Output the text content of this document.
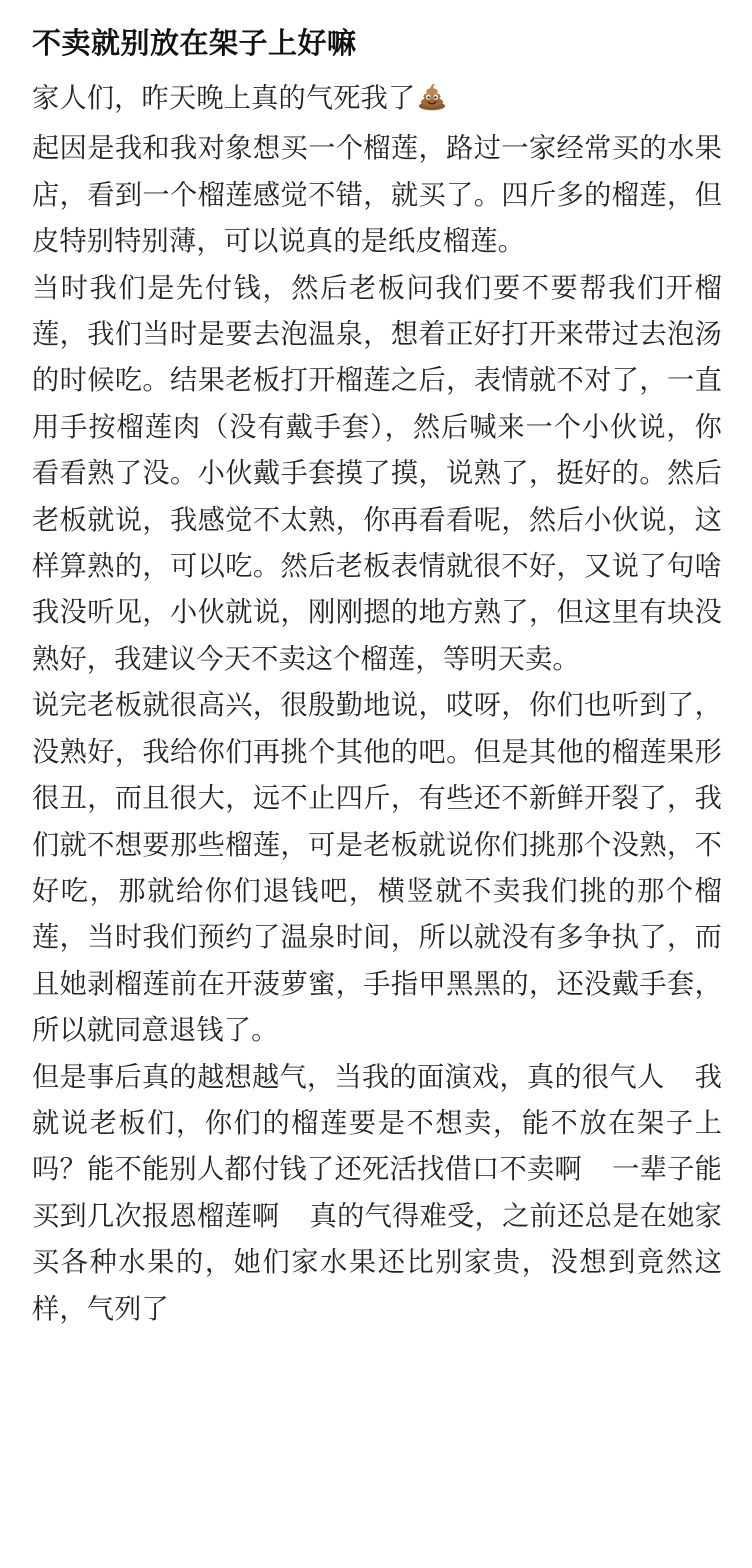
不卖就别放在架子上好嘛

家人们，昨天晚上真的气死我了

起因是我和我对象想买一个榴莲，路过一家经常买的水果店，看到一个榴莲感觉不错，就买了。四斤多的榴莲，但皮特别特别薄，可以说真的是纸皮榴莲。

当时我们是先付钱，然后老板问我们要不要帮我们开榴莲，我们当时是要去泡温泉，想着正好打开来带过去泡汤的时候吃。结果老板打开榴莲之后，表情就不对了，一直用手按榴莲肉（没有戴手套），然后喊来一个小伙说，你看看熟了没。小伙戴手套摸了摸，说熟了，挺好的。然后老板就说，我感觉不太熟，你再看看呢，然后小伙说，这样算熟的，可以吃。然后老板表情就很不好，又说了句啥我没听见，小伙就说，刚刚摁的地方熟了，但这里有块没熟好，我建议今天不卖这个榴莲，等明天卖。

说完老板就很高兴，很殷勤地说，哎呀，你们也听到了，没熟好，我给你们再挑个其他的吧。但是其他的榴莲果形很丑，而且很大，远不止四斤，有些还不新鲜开裂了，我们就不想要那些榴莲，可是老板就说你们挑那个没熟，不好吃，那就给你们退钱吧，横竖就不卖我们挑的那个榴莲，当时我们预约了温泉时间，所以就没有多争执了，而且她剥榴莲前在开菠萝蜜，手指甲黑黑的，还没戴手套，所以就同意退钱了。

但是事后真的越想越气，当我的面演戏，真的很气人 我就说老板们，你们的榴莲要是不想卖，能不放在架子上吗？能不能别人都付钱了还死活找借口不卖啊 一辈子能买到几次报恩榴莲啊 真的气得难受，之前还总是在她家买各种水果的，她们家水果还比别家贵，没想到竟然这样，气列了
